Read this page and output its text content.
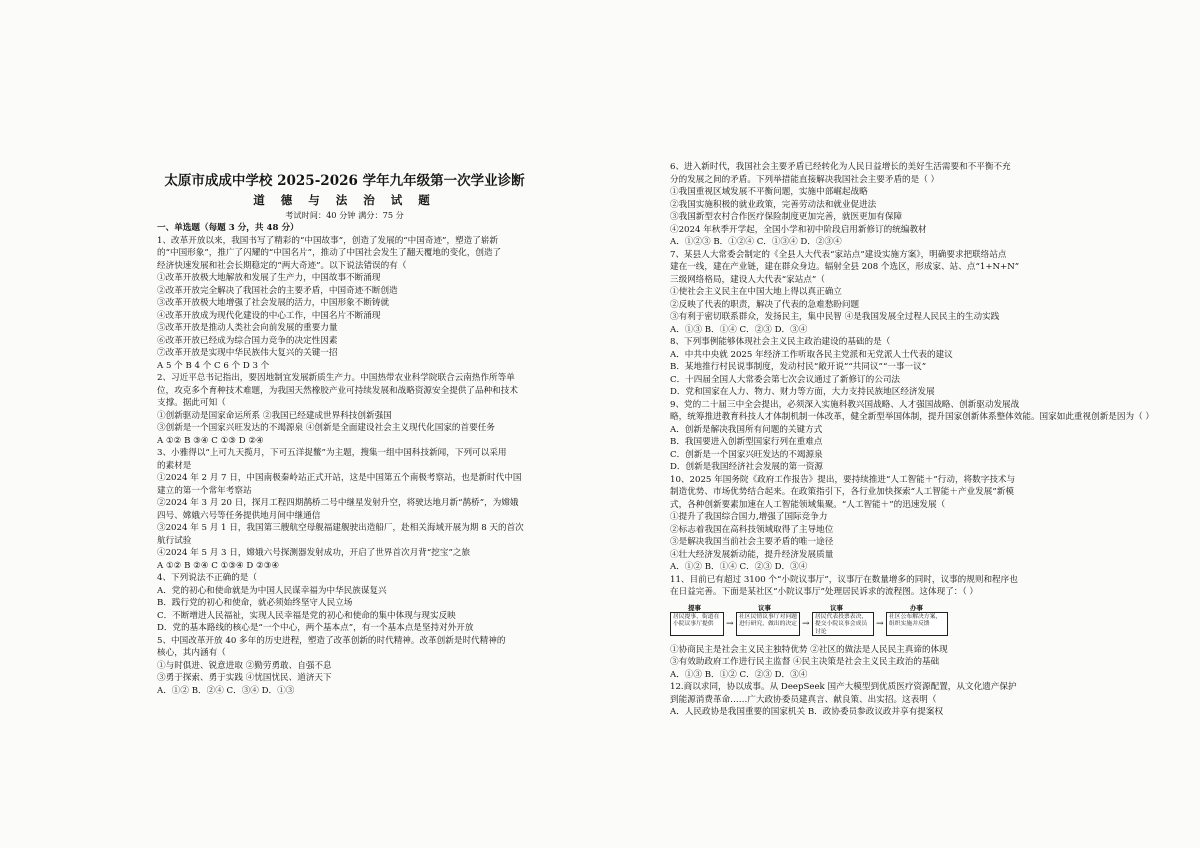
太原市成成中学校 2025-2026 学年九年级第一次学业诊断

道 德 与 法 治 试 题

考试时间：40 分钟 满分：75 分

一、单选题（每题 3 分，共 48 分）

1、改革开放以来，我国书写了精彩的“中国故事”，创造了发展的“中国奇迹”，塑造了崭新

的“中国形象”，推广了闪耀的“中国名片”，推动了中国社会发生了翻天覆地的变化，创造了

经济快速发展和社会长期稳定的“两大奇迹”。以下说法错误的有（

①改革开放极大地解放和发展了生产力，中国故事不断涌现

②改革开放完全解决了我国社会的主要矛盾，中国奇迹不断创造

③改革开放极大地增强了社会发展的活力，中国形象不断铸就

④改革开放成为现代化建设的中心工作，中国名片不断涌现

⑤改革开放是推动人类社会向前发展的重要力量

⑥改革开放已经成为综合国力竞争的决定性因素

⑦改革开放是实现中华民族伟大复兴的关键一招

A 5 个 B 4 个 C 6 个 D 3 个

2、习近平总书记指出，要因地制宜发展新质生产力。中国热带农业科学院联合云南热作所等单

位，攻克多个育种技术难题，为我国天然橡胶产业可持续发展和战略资源安全提供了品种和技术

支撑。据此可知（

①创新驱动是国家命运所系 ②我国已经建成世界科技创新强国

③创新是一个国家兴旺发达的不竭源泉 ④创新是全面建设社会主义现代化国家的首要任务

A ①② B ③④ C ①③ D ②④

3、小雅得以“上可九天揽月，下可五洋捉鳖”为主题，搜集一组中国科技新闻，下列可以采用

的素材是

①2024 年 2 月 7 日，中国南极秦岭站正式开站，这是中国第五个南极考察站，也是新时代中国

建立的第一个常年考察站

②2024 年 3 月 20 日，探月工程四期鹊桥二号中继星发射升空，将驶达地月新“鹊桥”，为嫦娥

四号、嫦娥六号等任务提供地月间中继通信

③2024 年 5 月 1 日，我国第三艘航空母舰福建舰驶出造船厂，赴相关海域开展为期 8 天的首次

航行试验

④2024 年 5 月 3 日，嫦娥六号探测器发射成功，开启了世界首次月背“挖宝”之旅

A ①② B ②④ C ①③④ D ②③④

4、下列说法不正确的是（

A．党的初心和使命就是为中国人民谋幸福为中华民族谋复兴

B．践行党的初心和使命，就必须始终坚守人民立场

C．不断增进人民福祉，实现人民幸福是党的初心和使命的集中体现与现实反映

D．党的基本路线的核心是“一个中心，两个基本点”，有一个基本点是坚持对外开放

5、中国改革开放 40 多年的历史进程，塑造了改革创新的时代精神。改革创新是时代精神的

核心，其内涵有（

①与时俱进、锐意进取 ②勤劳勇敢、自强不息

③勇于探索、勇于实践 ④忧国忧民、道济天下

A．①② B．②④ C．③④ D．①③

6、进入新时代，我国社会主要矛盾已经转化为人民日益增长的美好生活需要和不平衡不充

分的发展之间的矛盾。下列举措能直接解决我国社会主要矛盾的是（ ）

①我国重视区域发展不平衡问题，实施中部崛起战略

②我国实施积极的就业政策，完善劳动法和就业促进法

③我国新型农村合作医疗保险制度更加完善，就医更加有保障

④2024 年秋季开学起，全国小学和初中阶段启用新修订的统编教材

A．①②③ B．①②④ C．①③④ D．②③④

7、某县人大常委会制定的《全县人大代表“家站点”建设实施方案》，明确要求把联络站点

建在一线，建在产业链，建在群众身边。辐射全县 208 个选区，形成家、站、点“1+N+N”

三级网络格局，建设人大代表“家站点”（

①使社会主义民主在中国大地上得以真正确立

②反映了代表的职责，解决了代表的急难愁盼问题

③有利于密切联系群众，发扬民主，集中民智 ④是我国发展全过程人民民主的生动实践

A．①③ B．①④ C．②③ D．③④

8、下列事例能够体现社会主义民主政治建设的基础的是（

A．中共中央就 2025 年经济工作听取各民主党派和无党派人士代表的建议

B．某地推行村民说事制度，发动村民“敞开说”“共同议”“一事一议”

C．十四届全国人大常委会第七次会议通过了新修订的公司法

D．党和国家在人力、物力、财力等方面，大力支持民族地区经济发展

9、党的二十届三中全会提出，必须深入实施科教兴国战略、人才强国战略、创新驱动发展战

略，统筹推进教育科技人才体制机制一体改革，健全新型举国体制，提升国家创新体系整体效能。国家如此重视创新是因为（ ）

A．创新是解决我国所有问题的关键方式

B．我国要进入创新型国家行列在重难点

C．创新是一个国家兴旺发达的不竭源泉

D．创新是我国经济社会发展的第一资源

10、2025 年国务院《政府工作报告》提出，要持续推进“人工智能＋”行动，将数字技术与

制造优势、市场优势结合起来。在政策指引下，各行业加快探索“人工智能＋产业发展”新模

式，各种创新要素加速在人工智能领域集聚。“人工智能＋”的迅速发展（

①提升了我国综合国力,增强了国际竞争力

②标志着我国在高科技领域取得了主导地位

③是解决我国当前社会主要矛盾的唯一途径

④壮大经济发展新动能，提升经济发展质量

A．①② B．①④ C．②③ D．③④

11、目前已有超过 3100 个“小院议事厅”，议事厅在数量增多的同时，议事的规则和程序也

在日益完善。下面是某社区“小院议事厅”处理居民诉求的流程图。这体现了：（ ）

提事	议事	议事	办事
居民提事，街道在小院议事厅提供	→
社区民情议事厅对问题进行研究，做出的决定 →
居民代表投票表决，提交小院议事会成员讨论
→
社区公布解决方案，组织实施并反馈

①协商民主是社会主义民主独特优势 ②社区的做法是人民民主真谛的体现

③有效助政府工作进行民主监督 ④民主决策是社会主义民主政治的基础

A．①③ B．①② C．②③ D．③④

12.商以求同，协以成事。从 DeepSeek 国产大模型到优质医疗资源配置，从文化遗产保护

到能源消费革命……广大政协委员建真言、献良策、出实招。这表明（

A．人民政协是我国重要的国家机关 B．政协委员参政议政并享有提案权
